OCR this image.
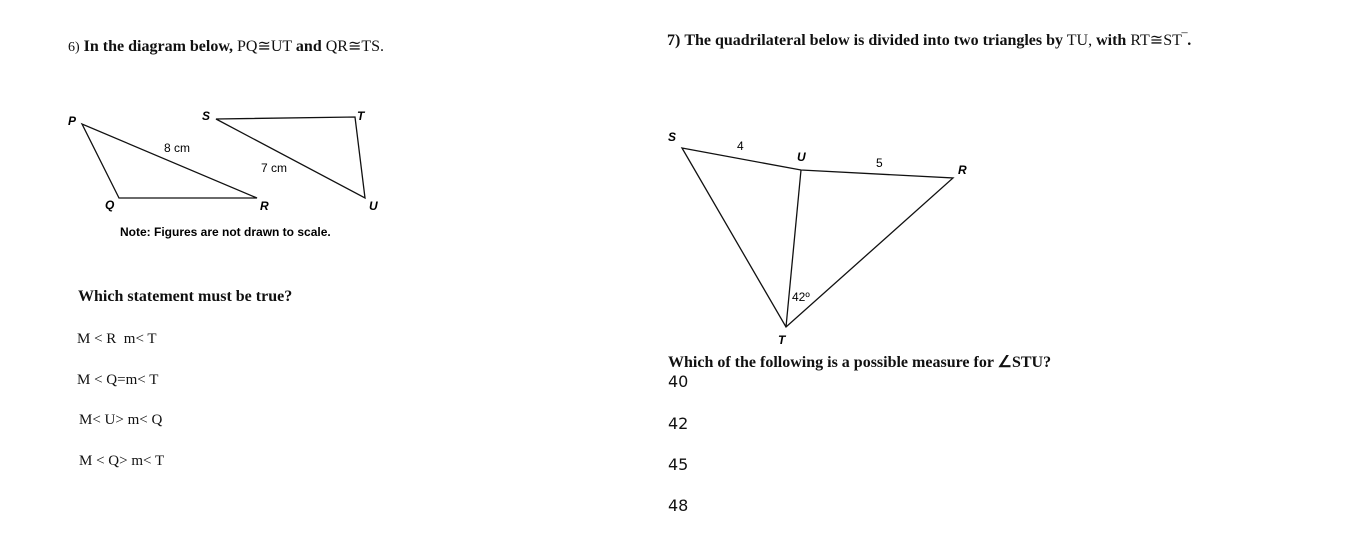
6) In the diagram below, PQ≅UT and QR≅TS.
P
Q	R
S	T
U
8 cm
7 cm
Note: Figures are not drawn to scale.
Which statement must be true?
M < R  m< T
M < Q=m< T
M< U> m< Q
M < Q> m< T
7) The quadrilateral below is divided into two triangles by TU, with RT≅ST‾.
S
U
R
T
4
5
42º
Which of the following is a possible measure for ∠STU?
40
42
45
48
